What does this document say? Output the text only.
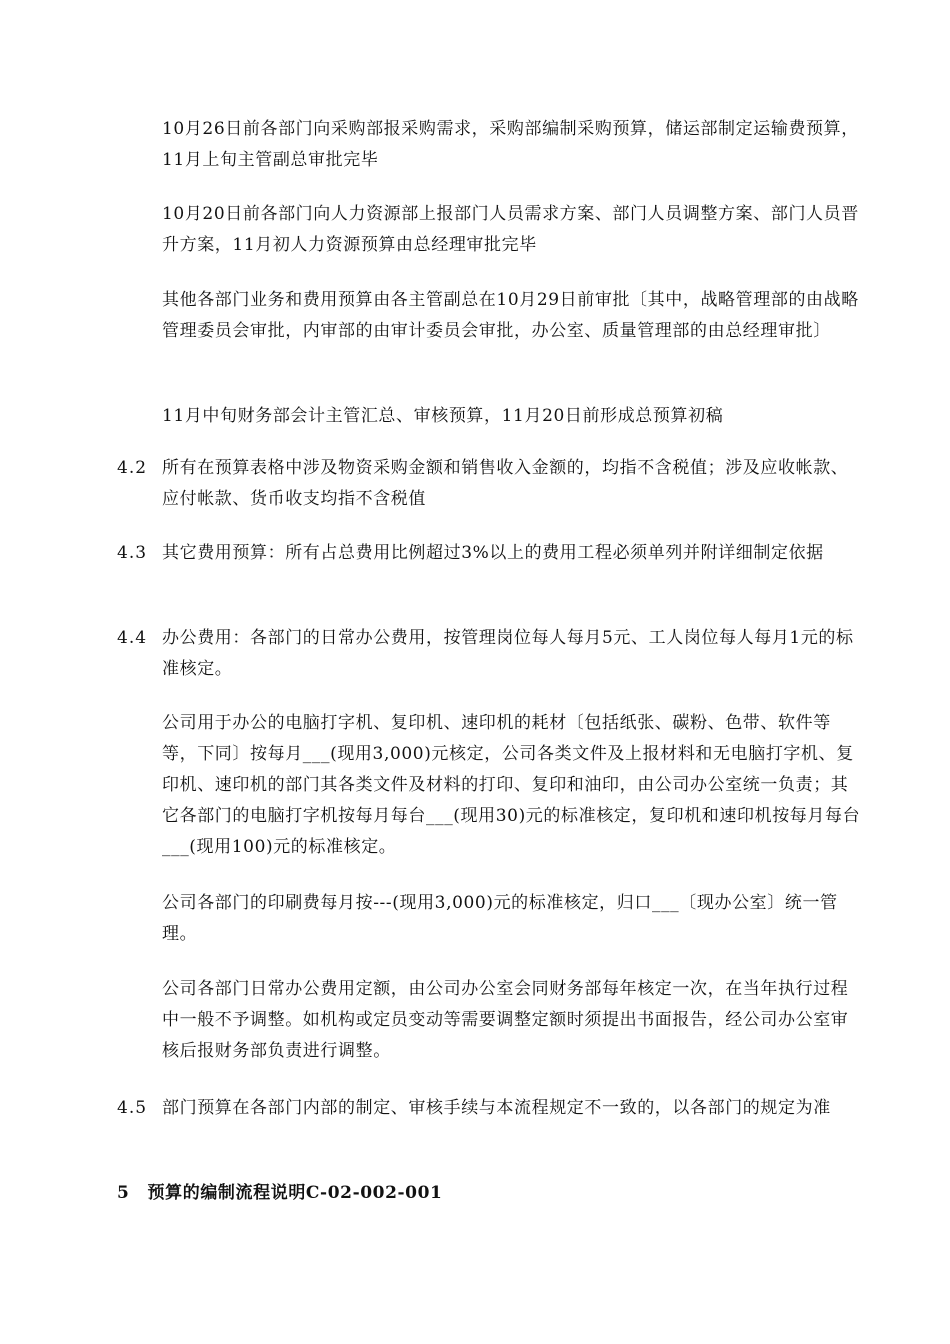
10月26日前各部门向采购部报采购需求，采购部编制采购预算，储运部制定运输费预算，11月上旬主管副总审批完毕
10月20日前各部门向人力资源部上报部门人员需求方案、部门人员调整方案、部门人员晋升方案，11月初人力资源预算由总经理审批完毕
其他各部门业务和费用预算由各主管副总在10月29日前审批〔其中，战略管理部的由战略管理委员会审批，内审部的由审计委员会审批，办公室、质量管理部的由总经理审批〕
11月中旬财务部会计主管汇总、审核预算，11月20日前形成总预算初稿
4.2 所有在预算表格中涉及物资采购金额和销售收入金额的，均指不含税值；涉及应收帐款、应付帐款、货币收支均指不含税值
4.3 其它费用预算：所有占总费用比例超过3%以上的费用工程必须单列并附详细制定依据
4.4 办公费用：各部门的日常办公费用，按管理岗位每人每月5元、工人岗位每人每月1元的标准核定。
公司用于办公的电脑打字机、复印机、速印机的耗材〔包括纸张、碳粉、色带、软件等等，下同〕按每月___(现用3,000)元核定，公司各类文件及上报材料和无电脑打字机、复印机、速印机的部门其各类文件及材料的打印、复印和油印，由公司办公室统一负责；其它各部门的电脑打字机按每月每台___(现用30)元的标准核定，复印机和速印机按每月每台___(现用100)元的标准核定。
公司各部门的印刷费每月按---(现用3,000)元的标准核定，归口___〔现办公室〕统一管理。
公司各部门日常办公费用定额，由公司办公室会同财务部每年核定一次，在当年执行过程中一般不予调整。如机构或定员变动等需要调整定额时须提出书面报告，经公司办公室审核后报财务部负责进行调整。
4.5 部门预算在各部门内部的制定、审核手续与本流程规定不一致的，以各部门的规定为准
5 预算的编制流程说明C-02-002-001
